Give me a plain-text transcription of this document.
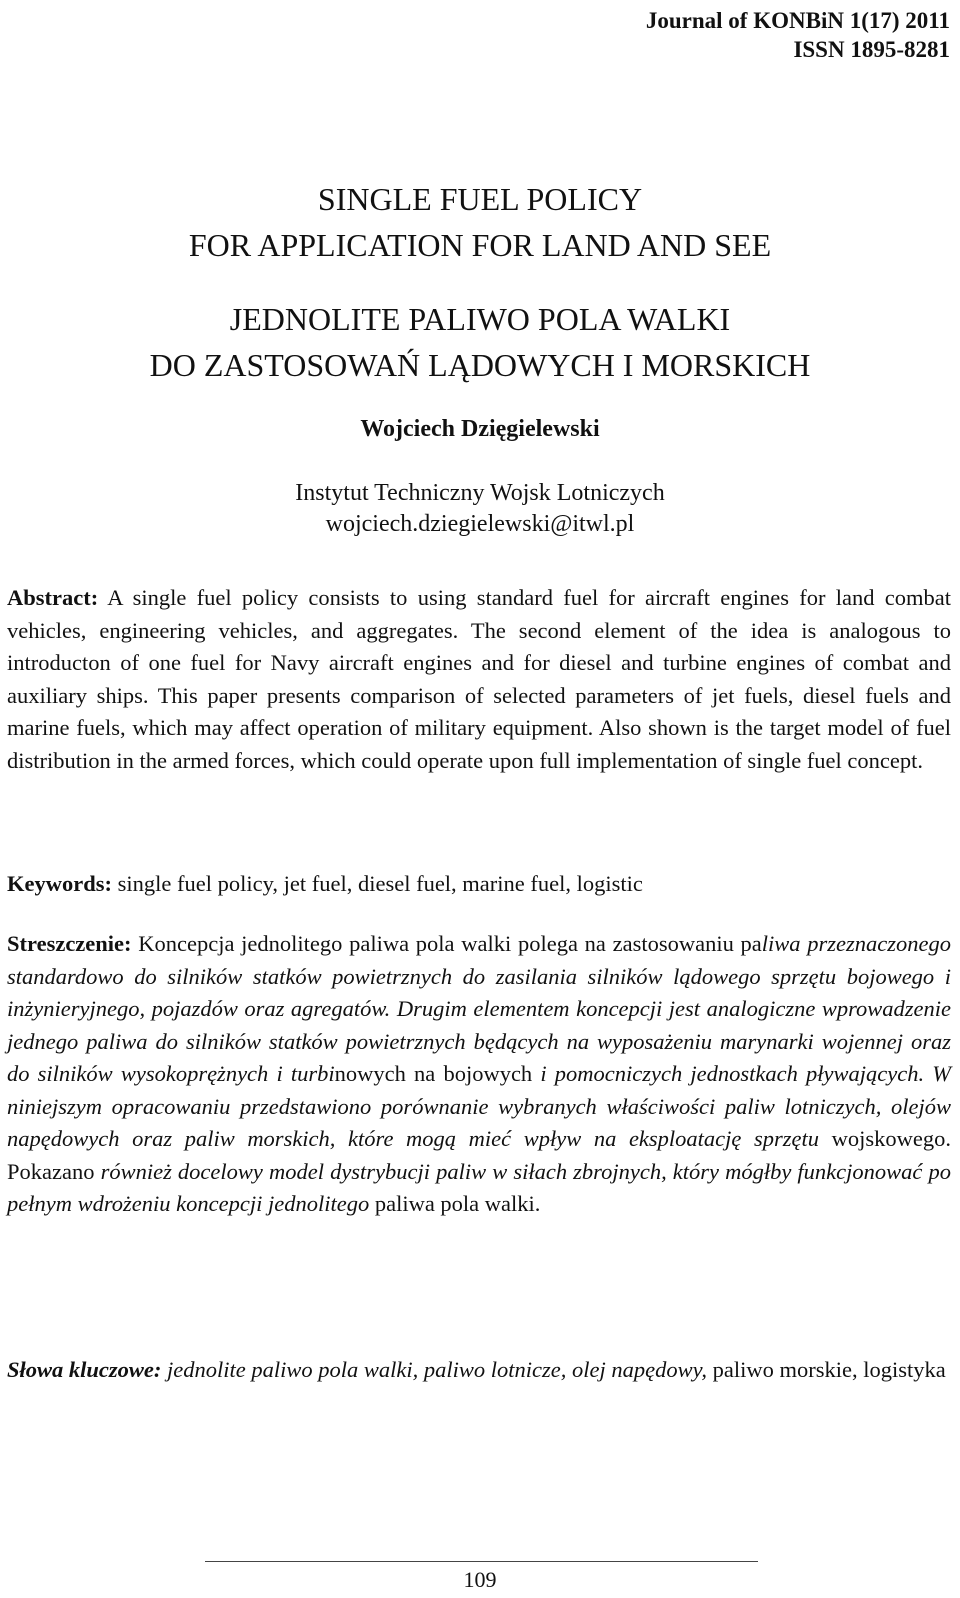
Journal of KONBiN 1(17) 2011
ISSN 1895-8281
SINGLE FUEL POLICY
FOR APPLICATION FOR LAND AND SEE
JEDNOLITE PALIWO POLA WALKI
DO ZASTOSOWAŃ LĄDOWYCH I MORSKICH
Wojciech Dzięgielewski
Instytut Techniczny Wojsk Lotniczych
wojciech.dziegielewski@itwl.pl

Abstract: A single fuel policy consists to using standard fuel for aircraft engines for land combat vehicles, engineering vehicles, and aggregates. The second element of the idea is analogous to introducton of one fuel for Navy aircraft engines and for diesel and turbine engines of combat and auxiliary ships. This paper presents comparison of selected parameters of jet fuels, diesel fuels and marine fuels, which may affect operation of military equipment. Also shown is the target model of fuel distribution in the armed forces, which could operate upon full implementation of single fuel concept.

Keywords: single fuel policy, jet fuel, diesel fuel, marine fuel, logistic

Streszczenie: Koncepcja jednolitego paliwa pola walki polega na zastosowaniu paliwa przeznaczonego standardowo do silników statków powietrznych do zasilania silników lądowego sprzętu bojowego i inżynieryjnego, pojazdów oraz agregatów. Drugim elementem koncepcji jest analogiczne wprowadzenie jednego paliwa do silników statków powietrznych będących na wyposażeniu marynarki wojennej oraz do silników wysokoprężnych i turbinowych na bojowych i pomocniczych jednostkach pływających. W niniejszym opracowaniu przedstawiono porównanie wybranych właściwości paliw lotniczych, olejów napędowych oraz paliw morskich, które mogą mieć wpływ na eksploatację sprzętu wojskowego. Pokazano również docelowy model dystrybucji paliw w siłach zbrojnych, który mógłby funkcjonować po pełnym wdrożeniu koncepcji jednolitego paliwa pola walki.

Słowa kluczowe: jednolite paliwo pola walki, paliwo lotnicze, olej napędowy, paliwo morskie, logistyka

109
